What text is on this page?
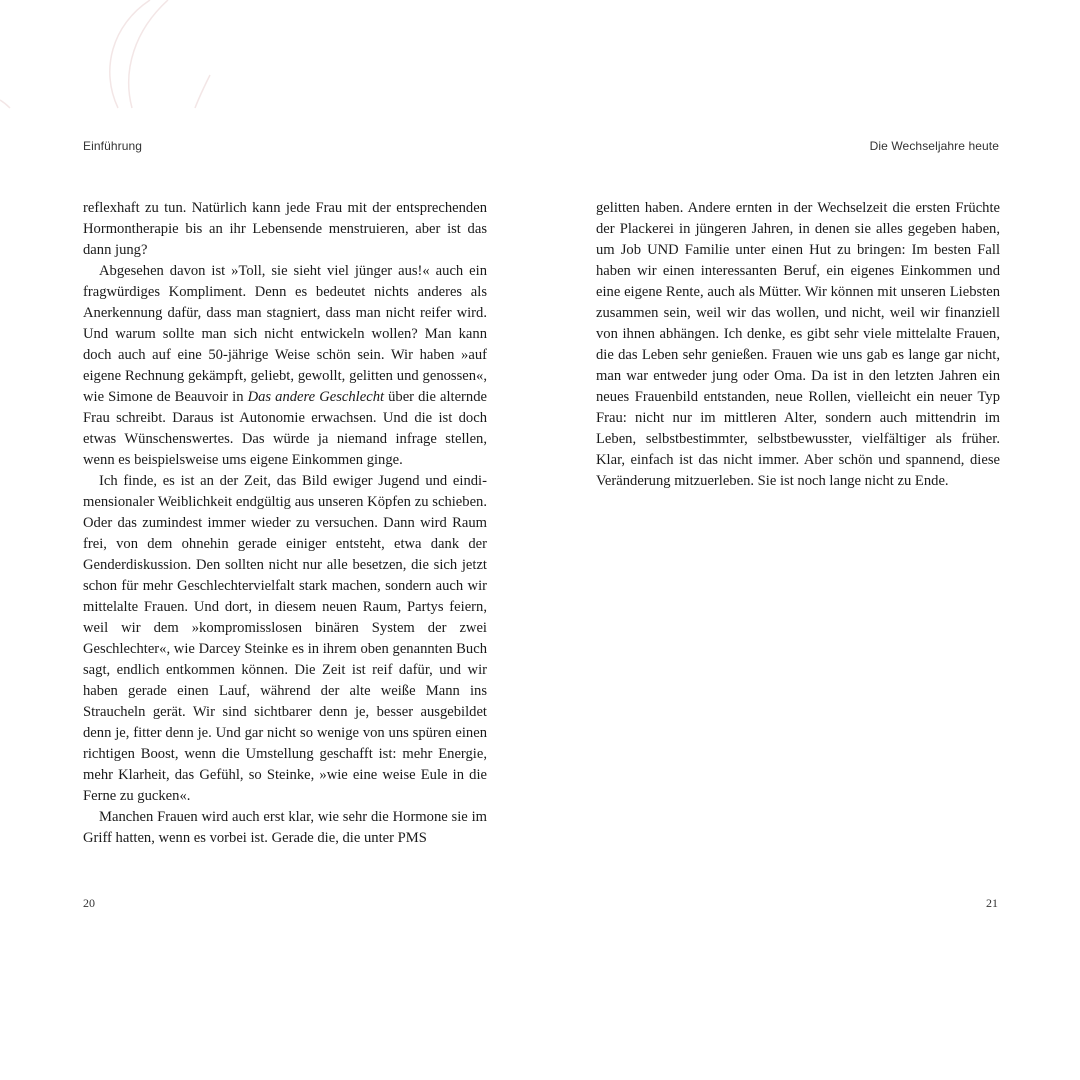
Einführung	Die Wechseljahre heute

reflexhaft zu tun. Natürlich kann jede Frau mit der entsprechenden Hormontherapie bis an ihr Lebensende menstruieren, aber ist das dann jung?

Abgesehen davon ist »Toll, sie sieht viel jünger aus!« auch ein fragwürdiges Kompliment. Denn es bedeutet nichts anderes als Anerkennung dafür, dass man stagniert, dass man nicht reifer wird. Und warum sollte man sich nicht entwickeln wollen? Man kann doch auch auf eine 50-jährige Weise schön sein. Wir haben »auf eigene Rechnung gekämpft, geliebt, gewollt, gelitten und genossen«, wie Simone de Beauvoir in Das andere Geschlecht über die alternde Frau schreibt. Daraus ist Autonomie erwachsen. Und die ist doch etwas Wünschenswertes. Das würde ja niemand infrage stellen, wenn es beispielsweise ums eigene Einkommen ginge.

Ich finde, es ist an der Zeit, das Bild ewiger Jugend und eindimensionaler Weiblichkeit endgültig aus unseren Köpfen zu schieben. Oder das zumindest immer wieder zu versuchen. Dann wird Raum frei, von dem ohnehin gerade einiger entsteht, etwa dank der Genderdiskussion. Den sollten nicht nur alle besetzen, die sich jetzt schon für mehr Geschlechtervielfalt stark machen, sondern auch wir mittelalte Frauen. Und dort, in diesem neuen Raum, Partys feiern, weil wir dem »kompromisslosen binären System der zwei Geschlechter«, wie Darcey Steinke es in ihrem oben genannten Buch sagt, endlich entkommen können. Die Zeit ist reif dafür, und wir haben gerade einen Lauf, während der alte weiße Mann ins Straucheln gerät. Wir sind sichtbarer denn je, besser ausgebildet denn je, fitter denn je. Und gar nicht so wenige von uns spüren einen richtigen Boost, wenn die Umstellung geschafft ist: mehr Energie, mehr Klarheit, das Gefühl, so Steinke, »wie eine weise Eule in die Ferne zu gucken«.

Manchen Frauen wird auch erst klar, wie sehr die Hormone sie im Griff hatten, wenn es vorbei ist. Gerade die, die unter PMS

gelitten haben. Andere ernten in der Wechselzeit die ersten Früchte der Plackerei in jüngeren Jahren, in denen sie alles gegeben haben, um Job UND Familie unter einen Hut zu bringen: Im besten Fall haben wir einen interessanten Beruf, ein eigenes Einkommen und eine eigene Rente, auch als Mütter. Wir können mit unseren Liebsten zusammen sein, weil wir das wollen, und nicht, weil wir finanziell von ihnen abhängen. Ich denke, es gibt sehr viele mittelalte Frauen, die das Leben sehr genießen. Frauen wie uns gab es lange gar nicht, man war entweder jung oder Oma. Da ist in den letzten Jahren ein neues Frauenbild entstanden, neue Rollen, vielleicht ein neuer Typ Frau: nicht nur im mittleren Alter, sondern auch mittendrin im Leben, selbstbestimmter, selbstbewusster, vielfältiger als früher. Klar, einfach ist das nicht immer. Aber schön und spannend, diese Veränderung mitzuerleben. Sie ist noch lange nicht zu Ende.

20	21
